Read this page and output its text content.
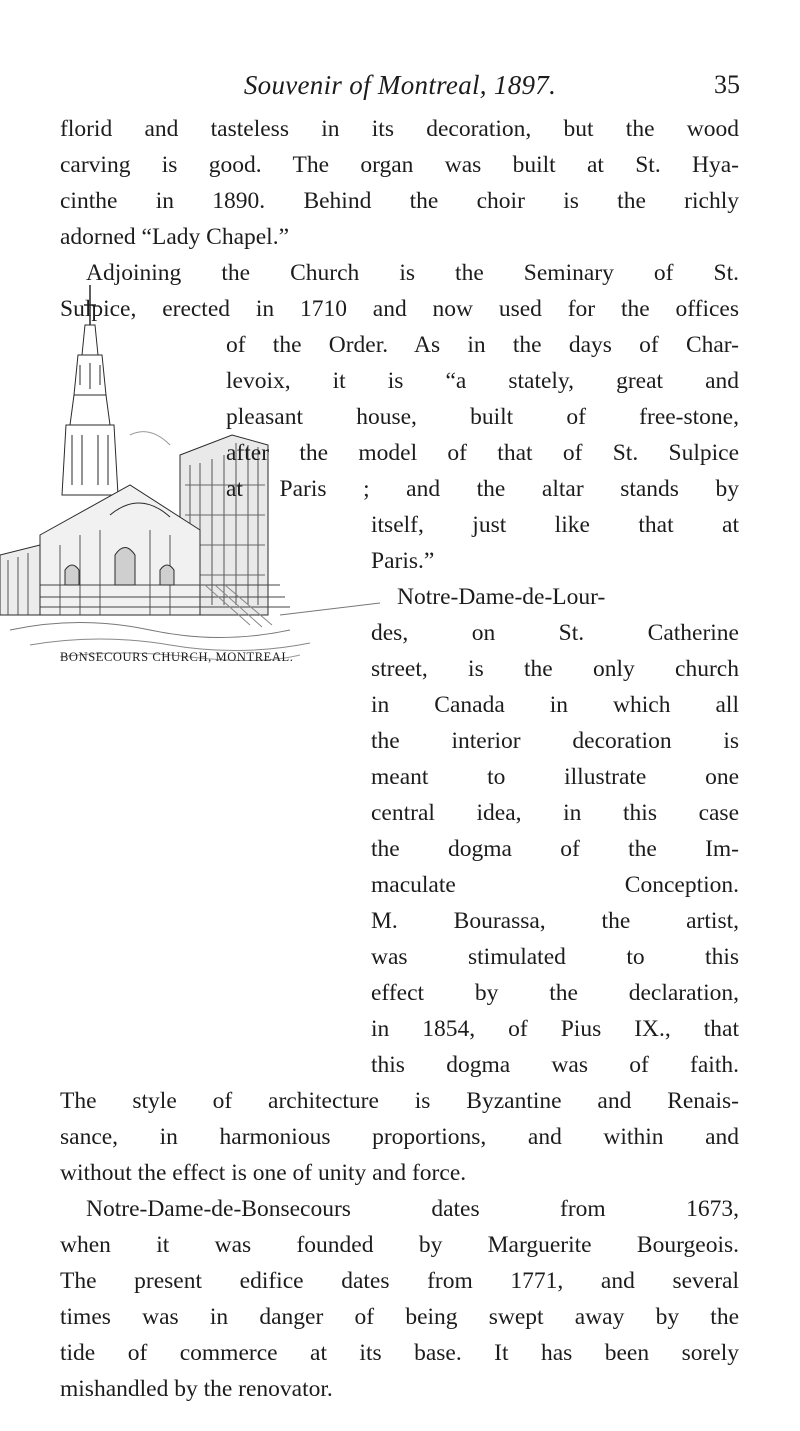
Souvenir of Montreal, 1897.	35
BONSECOURS CHURCH, MONTREAL.
florid and tasteless in its decoration, but the wood
carving is good. The organ was built at St. Hya-
cinthe in 1890. Behind the choir is the richly
adorned “Lady Chapel.”
Adjoining the Church is the Seminary of St.
Sulpice, erected in 1710 and now used for the offices
of the Order. As in the days of Char-
levoix, it is “a stately, great and
pleasant house, built of free-stone,
after the model of that of St. Sulpice
at Paris ; and the altar stands by
itself, just like that at
Paris.”
Notre-Dame-de-Lour-
des, on St. Catherine
street, is the only church
in Canada in which all
the interior decoration is
meant to illustrate one
central idea, in this case
the dogma of the Im-
maculate Conception.
M. Bourassa, the artist,
was stimulated to this
effect by the declaration,
in 1854, of Pius IX., that
this dogma was of faith.
The style of architecture is Byzantine and Renais-
sance, in harmonious proportions, and within and
without the effect is one of unity and force.
Notre-Dame-de-Bonsecours dates from 1673,
when it was founded by Marguerite Bourgeois.
The present edifice dates from 1771, and several
times was in danger of being swept away by the
tide of commerce at its base. It has been sorely
mishandled by the renovator.
